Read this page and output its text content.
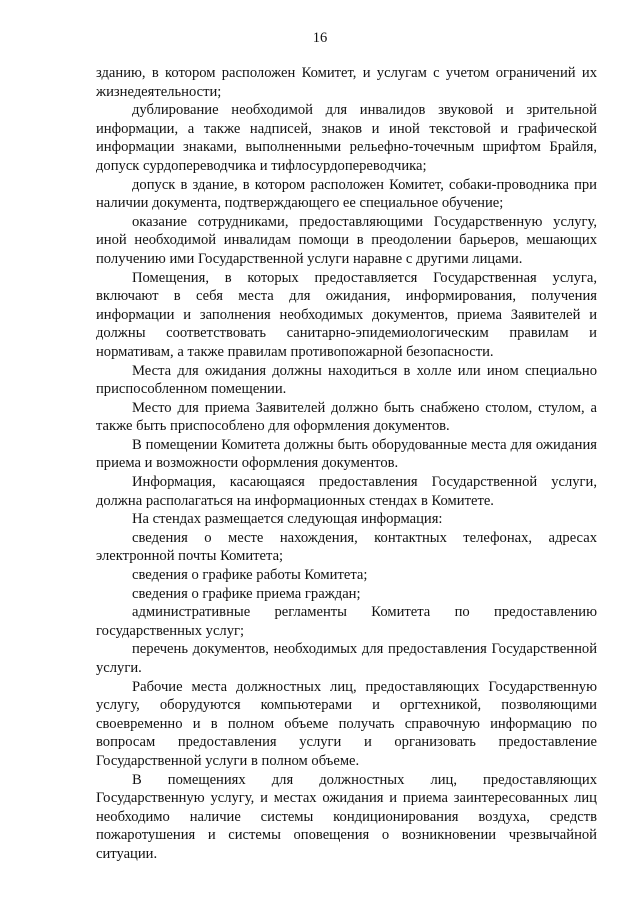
16

зданию, в котором расположен Комитет, и услугам с учетом ограничений их жизнедеятельности;

дублирование необходимой для инвалидов звуковой и зрительной информации, а также надписей, знаков и иной текстовой и графической информации знаками, выполненными рельефно-точечным шрифтом Брайля, допуск сурдопереводчика и тифлосурдопереводчика;

допуск в здание, в котором расположен Комитет, собаки-проводника при наличии документа, подтверждающего ее специальное обучение;

оказание сотрудниками, предоставляющими Государственную услугу, иной необходимой инвалидам помощи в преодолении барьеров, мешающих получению ими Государственной услуги наравне с другими лицами.

Помещения, в которых предоставляется Государственная услуга, включают в себя места для ожидания, информирования, получения информации и заполнения необходимых документов, приема Заявителей и должны соответствовать санитарно-эпидемиологическим правилам и нормативам, а также правилам противопожарной безопасности.

Места для ожидания должны находиться в холле или ином специально приспособленном помещении.

Место для приема Заявителей должно быть снабжено столом, стулом, а также быть приспособлено для оформления документов.

В помещении Комитета должны быть оборудованные места для ожидания приема и возможности оформления документов.

Информация, касающаяся предоставления Государственной услуги, должна располагаться на информационных стендах в Комитете.

На стендах размещается следующая информация:

сведения о месте нахождения, контактных телефонах, адресах электронной почты Комитета;

сведения о графике работы Комитета;

сведения о графике приема граждан;

административные регламенты Комитета по предоставлению государственных услуг;

перечень документов, необходимых для предоставления Государственной услуги.

Рабочие места должностных лиц, предоставляющих Государственную услугу, оборудуются компьютерами и оргтехникой, позволяющими своевременно и в полном объеме получать справочную информацию по вопросам предоставления услуги и организовать предоставление Государственной услуги в полном объеме.

В помещениях для должностных лиц, предоставляющих Государственную услугу, и местах ожидания и приема заинтересованных лиц необходимо наличие системы кондиционирования воздуха, средств пожаротушения и системы оповещения о возникновении чрезвычайной ситуации.
